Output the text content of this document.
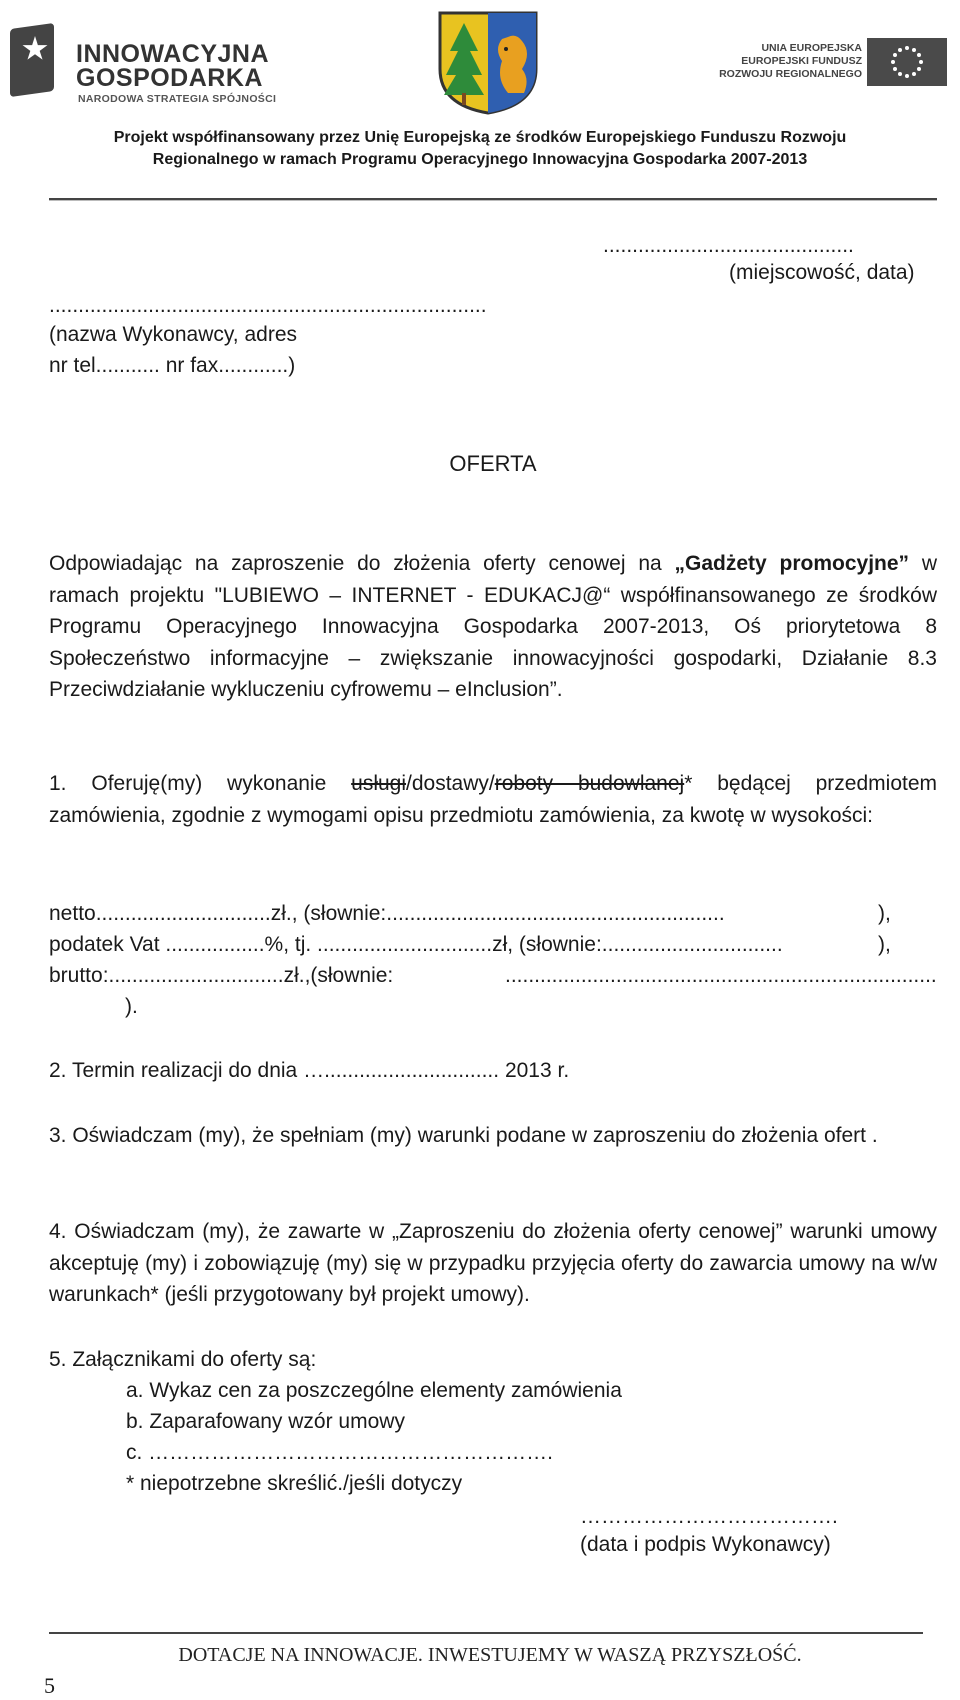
INNOWACYJNA
GOSPODARKA
NARODOWA STRATEGIA SPÓJNOŚCI
UNIA EUROPEJSKA
EUROPEJSKI FUNDUSZ
ROZWOJU REGIONALNEGO
Projekt współfinansowany przez Unię Europejską ze środków Europejskiego Funduszu Rozwoju
Regionalnego w ramach Programu Operacyjnego Innowacyjna Gospodarka 2007-2013
...........................................
(miejscowość, data)
...........................................................................
(nazwa Wykonawcy, adres
nr tel........... nr fax............)
OFERTA
Odpowiadając na zaproszenie do złożenia oferty cenowej na „Gadżety promocyjne” w ramach projektu "LUBIEWO – INTERNET - EDUKACJ@“ współfinansowanego ze środków Programu Operacyjnego Innowacyjna Gospodarka 2007-2013, Oś priorytetowa 8 Społeczeństwo informacyjne – zwiększanie innowacyjności gospodarki, Działanie 8.3 Przeciwdziałanie wykluczeniu cyfrowemu – eInclusion”.
1. Oferuję(my) wykonanie usługi/dostawy/roboty budowlanej* będącej przedmiotem zamówienia, zgodnie z wymogami opisu przedmiotu zamówienia, za kwotę w wysokości:
netto..............................zł., (słownie:..........................................................	),
podatek Vat .................%, tj. ..............................zł, (słownie:...............................	),
brutto:..............................zł.,(słownie:	..........................................................................
).
2. Termin realizacji do dnia ….............................. 2013 r.
3. Oświadczam (my), że spełniam (my) warunki podane w zaproszeniu do złożenia ofert .
4. Oświadczam (my), że zawarte w „Zaproszeniu do złożenia oferty cenowej” warunki umowy akceptuję (my) i zobowiązuję (my) się w przypadku przyjęcia oferty do zawarcia umowy na w/w warunkach* (jeśli przygotowany był projekt umowy).
5. Załącznikami do oferty są:
a. Wykaz cen za poszczególne elementy zamówienia
b. Zaparafowany wzór umowy
c. ………………………………………………….
* niepotrzebne skreślić./jeśli dotyczy
……………………………….
(data i podpis Wykonawcy)
DOTACJE NA INNOWACJE. INWESTUJEMY W WASZĄ PRZYSZŁOŚĆ.
5
